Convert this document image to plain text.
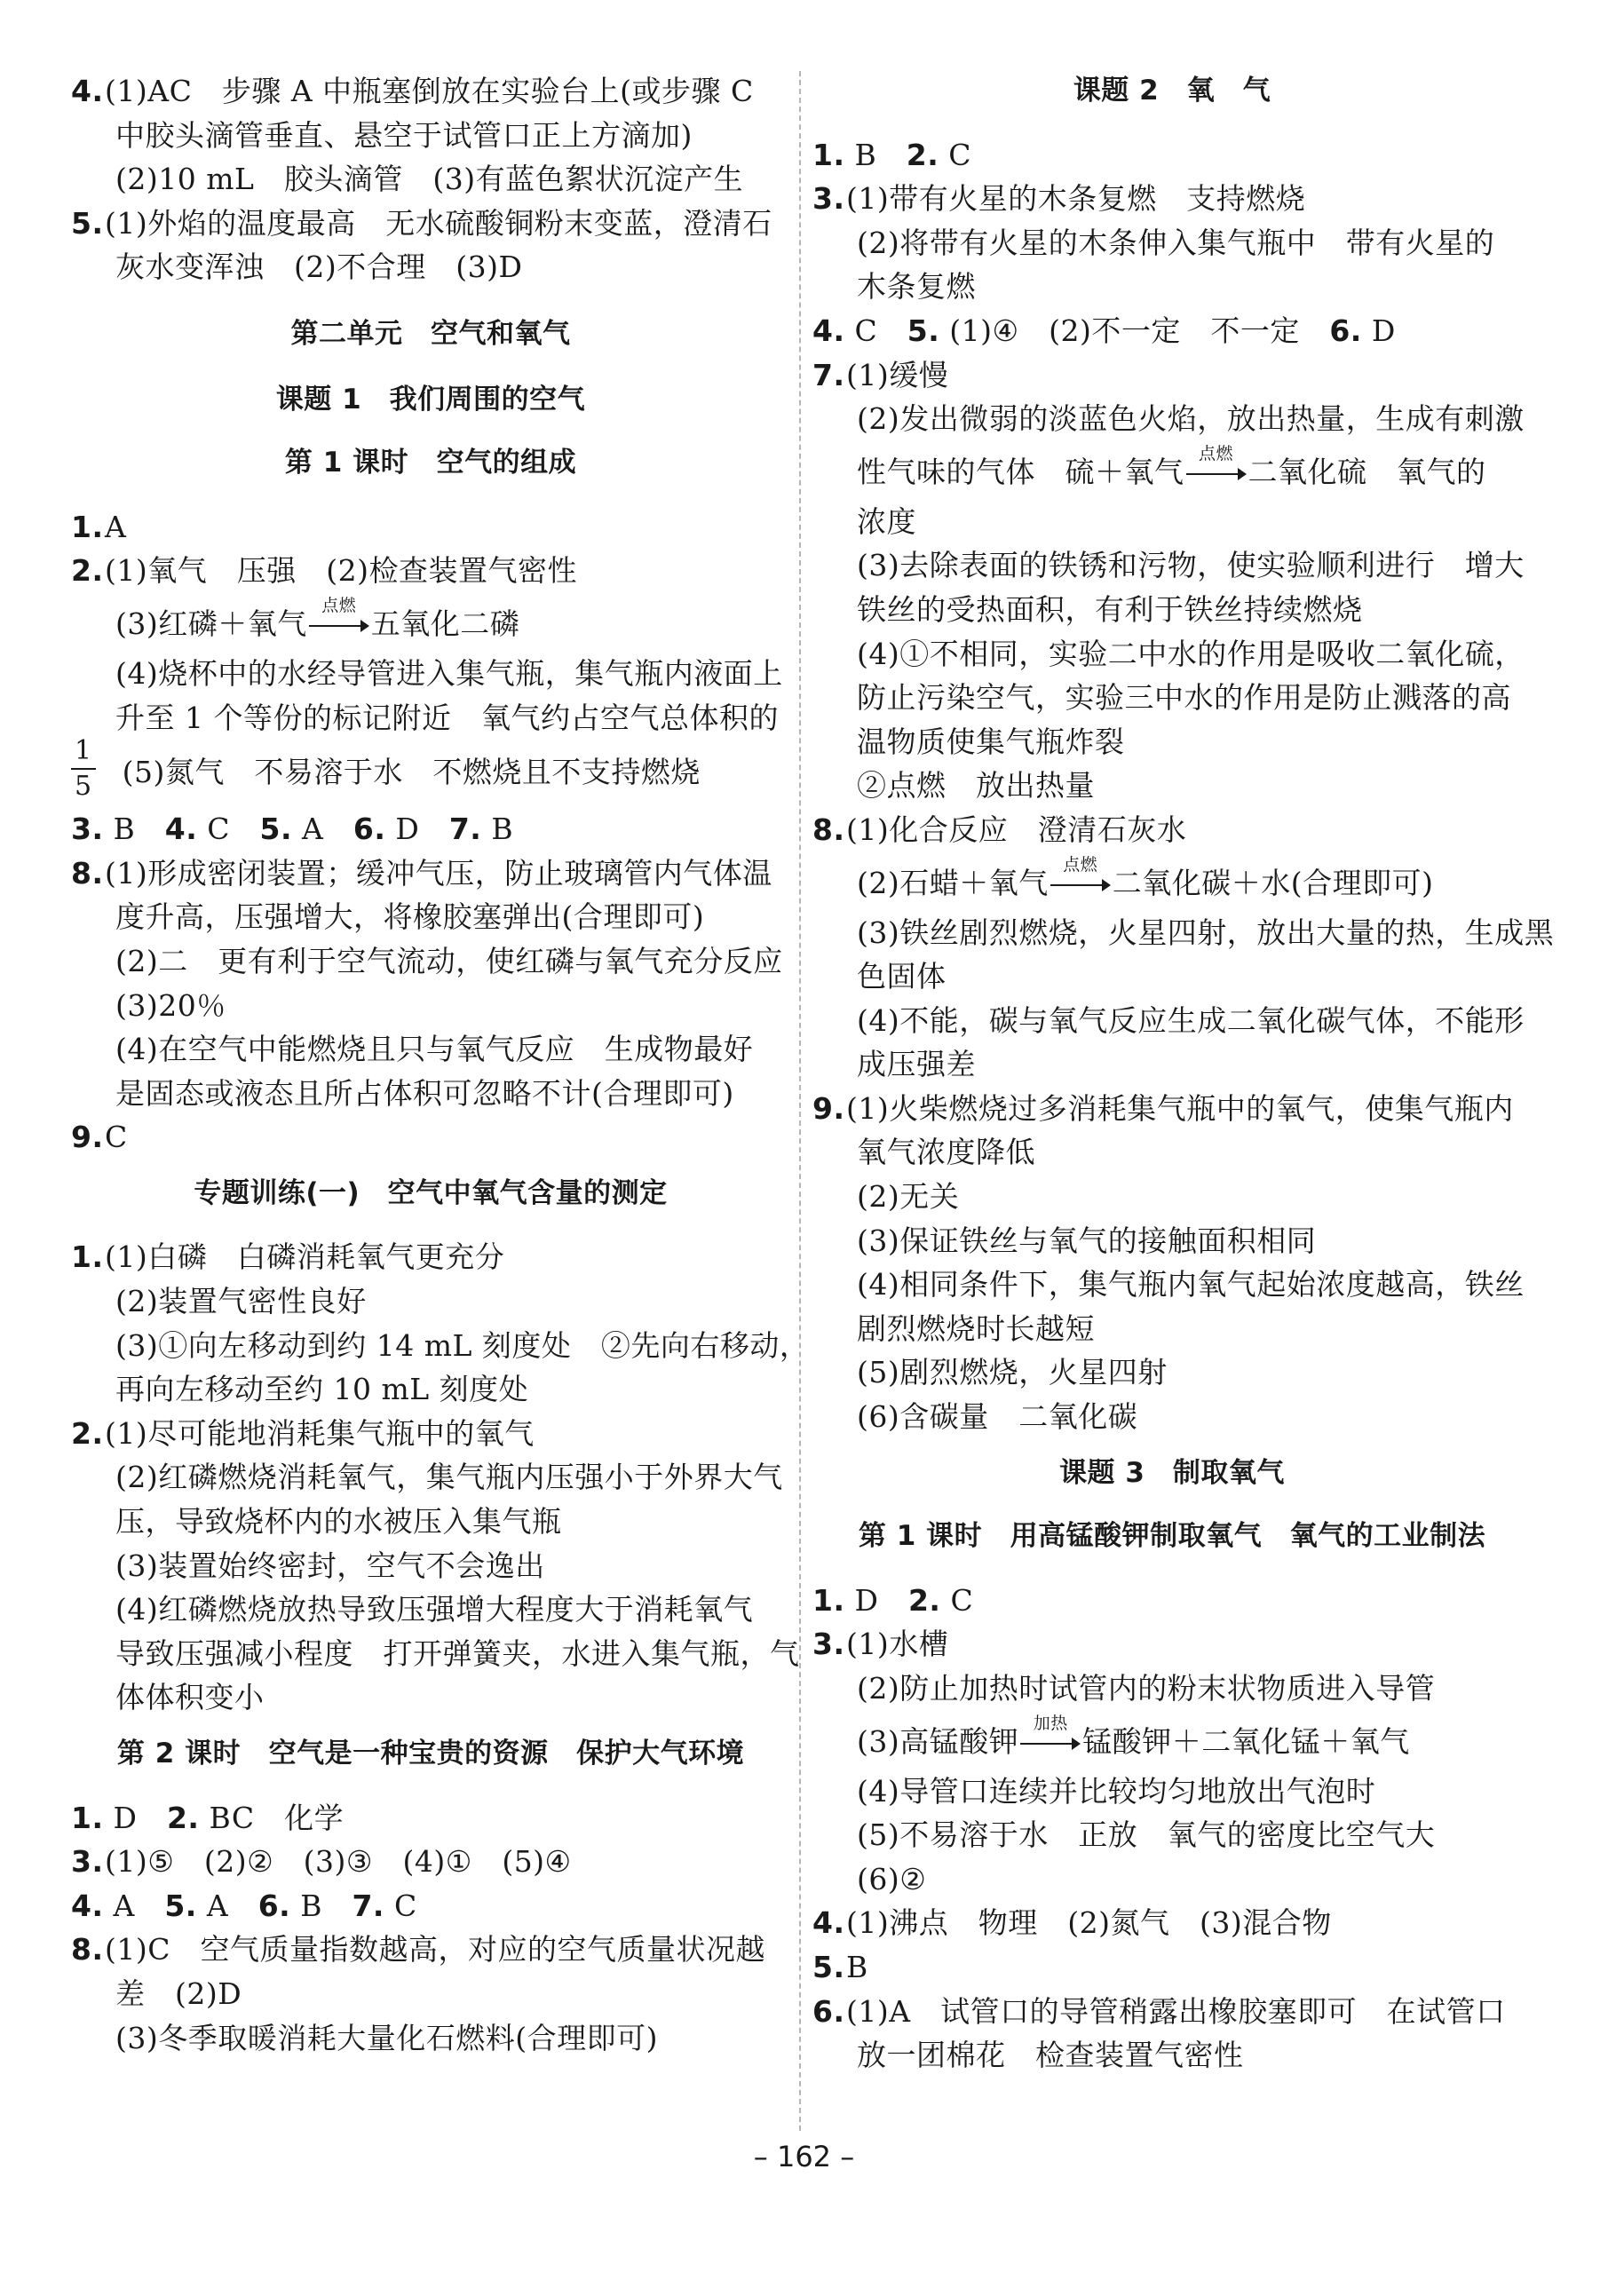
4.(1)AC　步骤 A 中瓶塞倒放在实验台上(或步骤 C
中胶头滴管垂直、悬空于试管口正上方滴加)
(2)10 mL　胶头滴管　(3)有蓝色絮状沉淀产生
5.(1)外焰的温度最高　无水硫酸铜粉末变蓝，澄清石
灰水变浑浊　(2)不合理　(3)D
第二单元　空气和氧气
课题 1　我们周围的空气
第 1 课时　空气的组成
1.A
2.(1)氧气　压强　(2)检查装置气密性
(3)红磷＋氧气
点燃
五氧化二磷
(4)烧杯中的水经导管进入集气瓶，集气瓶内液面上
升至 1 个等份的标记附近　氧气约占空气总体积的
$\frac{1}{5} (5)$氮气　不易溶于水　不燃烧且不支持燃烧
3. B　 4. C　 5. A　 6. D　 7. B
8.(1)形成密闭装置；缓冲气压，防止玻璃管内气体温
度升高，压强增大，将橡胶塞弹出(合理即可)
(2)二　更有利于空气流动，使红磷与氧气充分反应
(3)20％
(4)在空气中能燃烧且只与氧气反应　生成物最好
是固态或液态且所占体积可忽略不计(合理即可)
9.C
专题训练(一)　空气中氧气含量的测定
1.(1)白磷　白磷消耗氧气更充分
(2)装置气密性良好
(3)①向左移动到约 14 mL 刻度处　②先向右移动，
再向左移动至约 10 mL 刻度处
2.(1)尽可能地消耗集气瓶中的氧气
(2)红磷燃烧消耗氧气，集气瓶内压强小于外界大气
压，导致烧杯内的水被压入集气瓶
(3)装置始终密封，空气不会逸出
(4)红磷燃烧放热导致压强增大程度大于消耗氧气
导致压强减小程度　打开弹簧夹，水进入集气瓶，气
体体积变小
第 2 课时　空气是一种宝贵的资源　保护大气环境
1. D　 2. BC　化学
3.(1)⑤　(2)②　(3)③　(4)①　(5)④
4. A　 5. A　 6. B　 7. C
8.(1)C　空气质量指数越高，对应的空气质量状况越
差　(2)D
(3)冬季取暖消耗大量化石燃料(合理即可)
课题 2　氧　气
1. B　 2. C
3.(1)带有火星的木条复燃　支持燃烧
(2)将带有火星的木条伸入集气瓶中　带有火星的
木条复燃
4. C　 5. (1)④　(2)不一定　不一定　 6. D
7.(1)缓慢
(2)发出微弱的淡蓝色火焰，放出热量，生成有刺激
性气味的气体　硫＋氧气
点燃
二氧化硫　氧气的
浓度
(3)去除表面的铁锈和污物，使实验顺利进行　增大
铁丝的受热面积，有利于铁丝持续燃烧
(4)①不相同，实验二中水的作用是吸收二氧化硫，
防止污染空气，实验三中水的作用是防止溅落的高
温物质使集气瓶炸裂
②点燃　放出热量
8.(1)化合反应　澄清石灰水
(2)石蜡＋氧气
点燃
二氧化碳＋水(合理即可)
(3)铁丝剧烈燃烧，火星四射，放出大量的热，生成黑
色固体
(4)不能，碳与氧气反应生成二氧化碳气体，不能形
成压强差
9.(1)火柴燃烧过多消耗集气瓶中的氧气，使集气瓶内
氧气浓度降低
(2)无关
(3)保证铁丝与氧气的接触面积相同
(4)相同条件下，集气瓶内氧气起始浓度越高，铁丝
剧烈燃烧时长越短
(5)剧烈燃烧，火星四射
(6)含碳量　二氧化碳
课题 3　制取氧气
第 1 课时　用高锰酸钾制取氧气　氧气的工业制法
1. D　 2. C
3.(1)水槽
(2)防止加热时试管内的粉末状物质进入导管
(3)高锰酸钾
加热
锰酸钾＋二氧化锰＋氧气
(4)导管口连续并比较均匀地放出气泡时
(5)不易溶于水　正放　氧气的密度比空气大
(6)②
4.(1)沸点　物理　(2)氮气　(3)混合物
5.B
6.(1)A　试管口的导管稍露出橡胶塞即可　在试管口
放一团棉花　检查装置气密性
– 162 –
